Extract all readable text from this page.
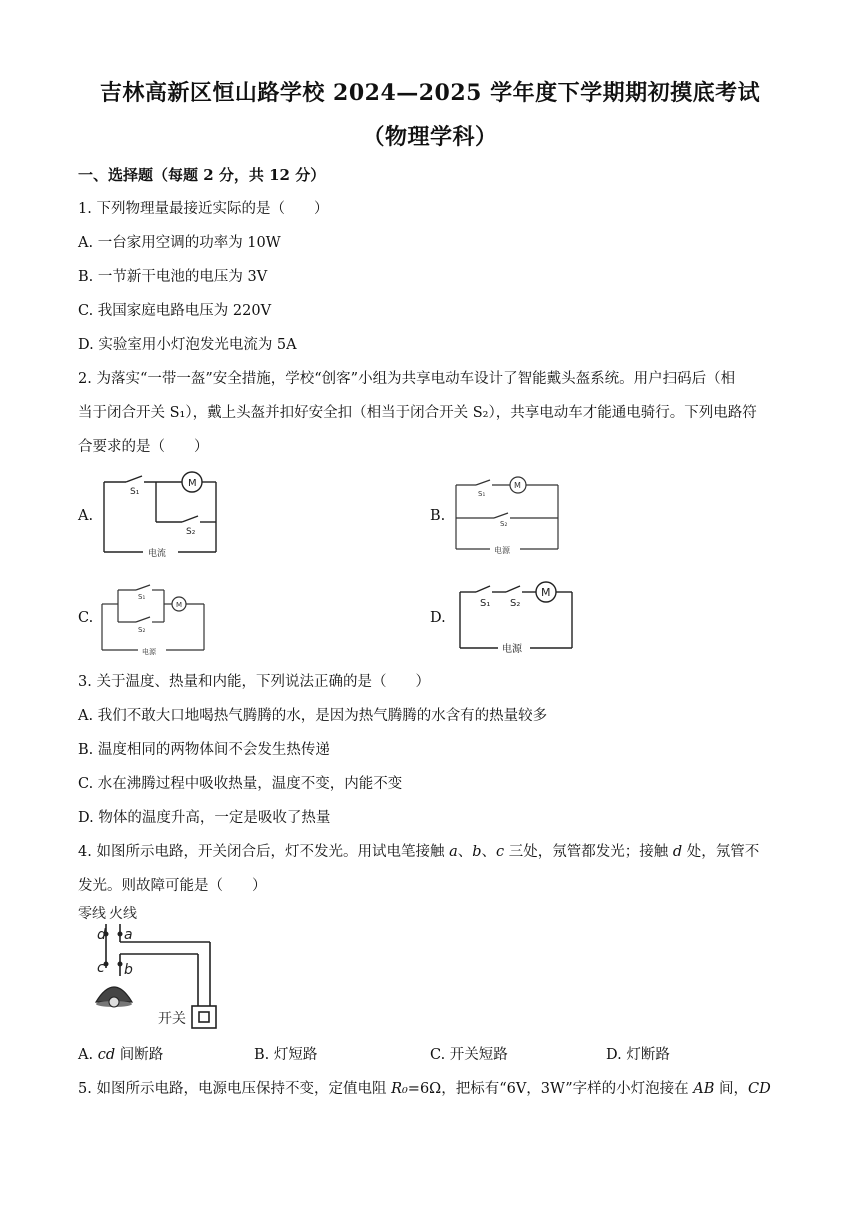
吉林高新区恒山路学校 2024—2025 学年度下学期期初摸底考试
（物理学科）
一、选择题（每题 2 分，共 12 分）
1. 下列物理量最接近实际的是（　　）
A. 一台家用空调的功率为 10W
B. 一节新干电池的电压为 3V
C. 我国家庭电路电压为 220V
D. 实验室用小灯泡发光电流为 5A
2. 为落实“一带一盔”安全措施，学校“创客”小组为共享电动车设计了智能戴头盔系统。用户扫码后（相
当于闭合开关 S₁），戴上头盔并扣好安全扣（相当于闭合开关 S₂），共享电动车才能通电骑行。下列电路符
合要求的是（　　）
A.	B.
C.	D.
M
S₁
S₂
电流
M
S₁
S₂
电源
M
S₁
S₂
电源
M
S₁ S₂
电源
3. 关于温度、热量和内能，下列说法正确的是（　　）
A. 我们不敢大口地喝热气腾腾的水，是因为热气腾腾的水含有的热量较多
B. 温度相同的两物体间不会发生热传递
C. 水在沸腾过程中吸收热量，温度不变，内能不变
D. 物体的温度升高，一定是吸收了热量
4. 如图所示电路，开关闭合后，灯不发光。用试电笔接触 a、b、c 三处，氖管都发光；接触 d 处，氖管不
发光。则故障可能是（　　）
零线 火线
d a
c b
开关
A. cd 间断路	B. 灯短路	C. 开关短路	D. 灯断路
5. 如图所示电路，电源电压保持不变，定值电阻 R₀=6Ω，把标有“6V，3W”字样的小灯泡接在 AB 间，CD
